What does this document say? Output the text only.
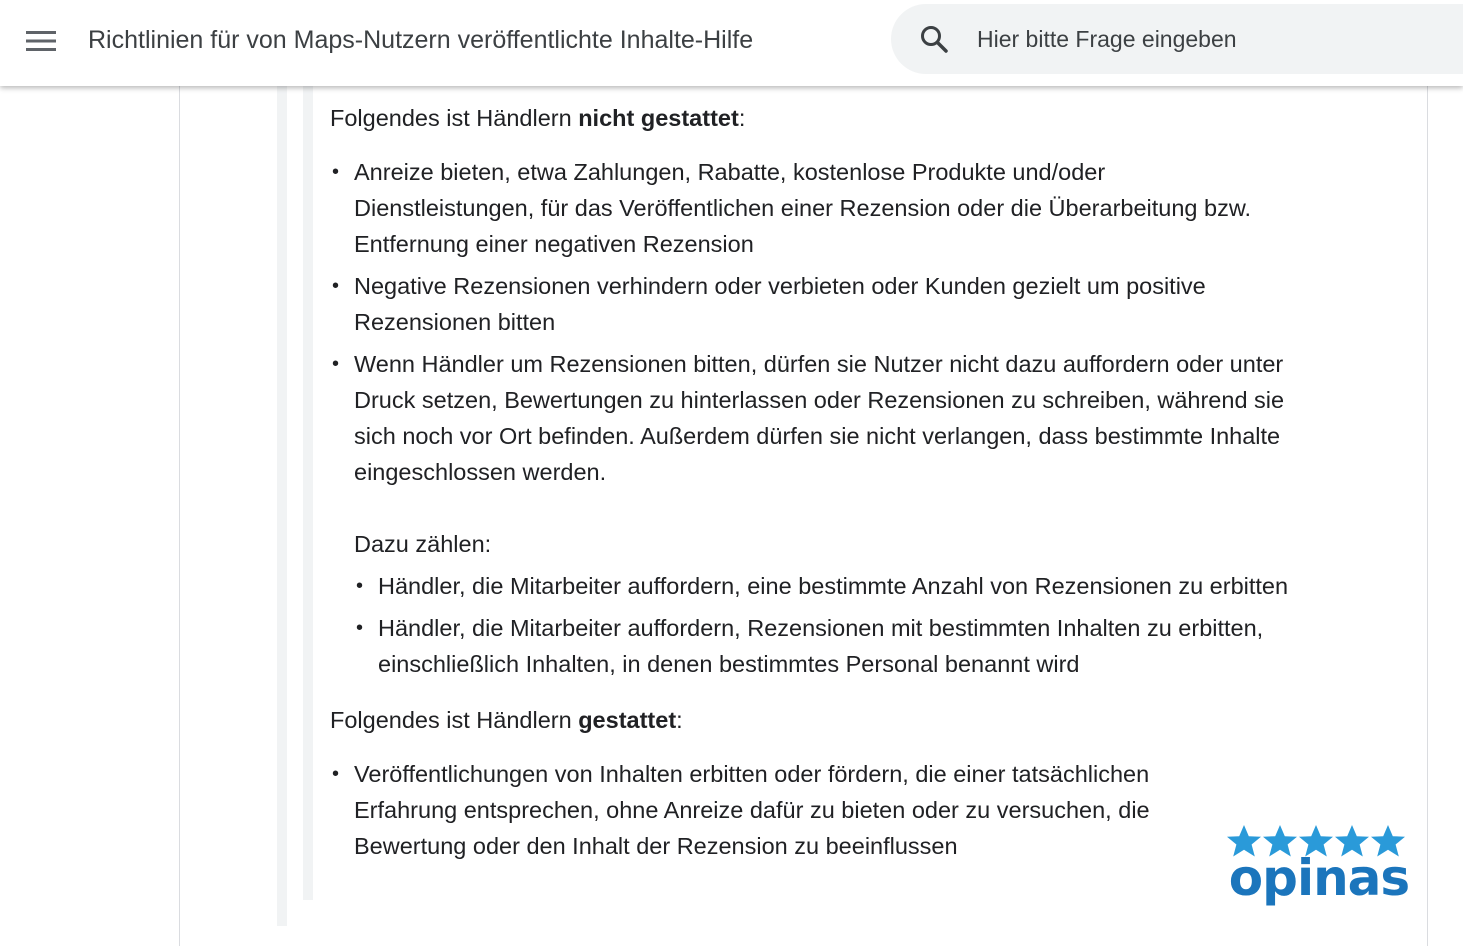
Richtlinien für von Maps-Nutzern veröffentlichte Inhalte-Hilfe
Hier bitte Frage eingeben

Folgendes ist Händlern nicht gestattet:

• Anreize bieten, etwa Zahlungen, Rabatte, kostenlose Produkte und/oder Dienstleistungen, für das Veröffentlichen einer Rezension oder die Überarbeitung bzw. Entfernung einer negativen Rezension
• Negative Rezensionen verhindern oder verbieten oder Kunden gezielt um positive Rezensionen bitten
• Wenn Händler um Rezensionen bitten, dürfen sie Nutzer nicht dazu auffordern oder unter Druck setzen, Bewertungen zu hinterlassen oder Rezensionen zu schreiben, während sie sich noch vor Ort befinden. Außerdem dürfen sie nicht verlangen, dass bestimmte Inhalte eingeschlossen werden.

Dazu zählen:

• Händler, die Mitarbeiter auffordern, eine bestimmte Anzahl von Rezensionen zu erbitten
• Händler, die Mitarbeiter auffordern, Rezensionen mit bestimmten Inhalten zu erbitten, einschließlich Inhalten, in denen bestimmtes Personal benannt wird

Folgendes ist Händlern gestattet:

• Veröffentlichungen von Inhalten erbitten oder fördern, die einer tatsächlichen Erfahrung entsprechen, ohne Anreize dafür zu bieten oder zu versuchen, die Bewertung oder den Inhalt der Rezension zu beeinflussen
opinas
